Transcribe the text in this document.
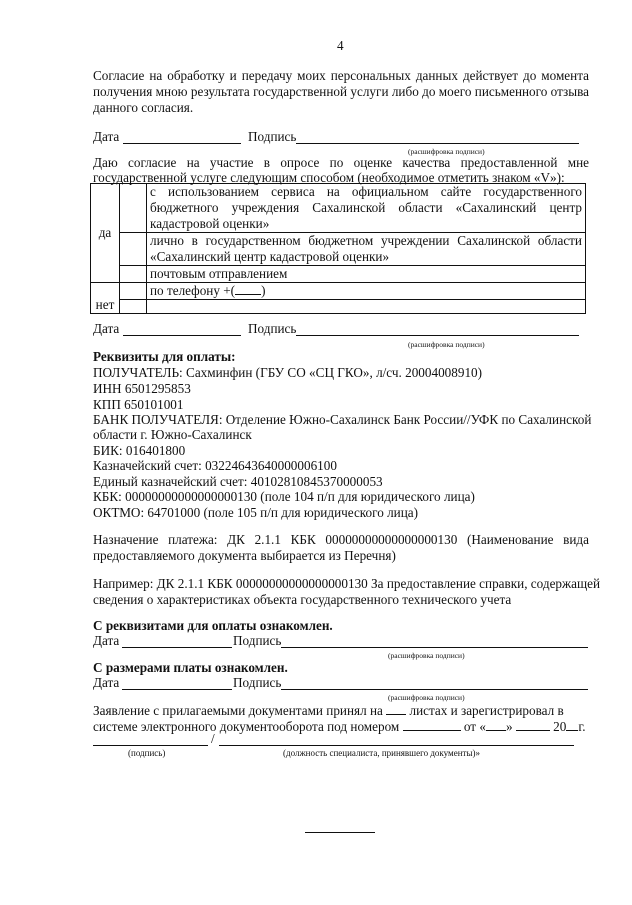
4
Согласие на обработку и передачу моих персональных данных действует до момента
получения мною результата государственной услуги либо до моего письменного отзыва
данного согласия.
Дата	Подпись
(расшифровка подписи)
Даю согласие на участие в опросе по оценке качества предоставленной мне
государственной услуге следующим способом (необходимое отметить знаком «V»):
да		с использованием сервиса на официальном сайте государственного
бюджетного учреждения Сахалинской области «Сахалинский центр
кадастровой оценки»

		лично в государственном бюджетном учреждении Сахалинской области
«Сахалинский центр кадастровой оценки»

		почтовым отправлением
нет		по телефону +( )

Дата	Подпись
(расшифровка подписи)
Реквизиты для оплаты:
ПОЛУЧАТЕЛЬ: Сахминфин (ГБУ СО «СЦ ГКО», л/сч. 20004008910)
ИНН 6501295853
КПП 650101001
БАНК ПОЛУЧАТЕЛЯ: Отделение Южно-Сахалинск Банк России//УФК по Сахалинской
области г. Южно-Сахалинск
БИК: 016401800
Казначейский счет: 03224643640000006100
Единый казначейский счет: 40102810845370000053
КБК: 00000000000000000130 (поле 104 п/п для юридического лица)
ОКТМО: 64701000 (поле 105 п/п для юридического лица)
Назначение платежа: ДК 2.1.1 КБК 00000000000000000130 (Наименование вида
предоставляемого документа выбирается из Перечня)
Например: ДК 2.1.1 КБК 00000000000000000130 За предоставление справки, содержащей
сведения о характеристиках объекта государственного технического учета
С реквизитами для оплаты ознакомлен.
Дата	Подпись
(расшифровка подписи)
С размерами платы ознакомлен.
Дата	Подпись
(расшифровка подписи)
Заявление с прилагаемыми документами принял на листах и зарегистрировал в
системе электронного документооборота под номером	от « »	20 г.
/
(подпись)	(должность специалиста, принявшего документы)»
